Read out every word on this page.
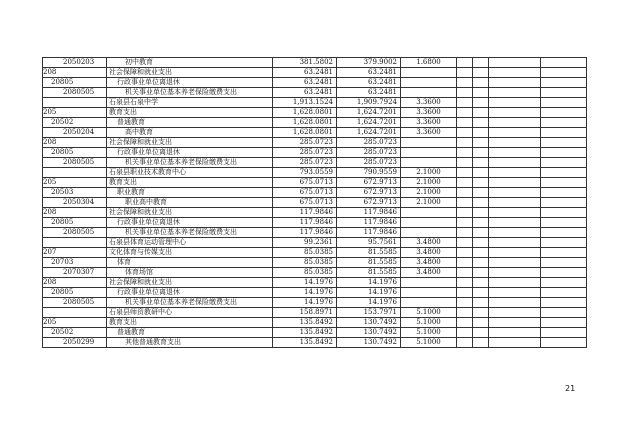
2050203	初中教育	381.5802	379.9002	1.6800				
208	社会保障和就业支出	63.2481	63.2481					
20805	行政事业单位离退休	63.2481	63.2481					
2080505	机关事业单位基本养老保险缴费支出	63.2481	63.2481					
	石泉县石泉中学	1,913.1524	1,909.7924	3.3600				
205	教育支出	1,628.0801	1,624.7201	3.3600				
20502	普通教育	1,628.0801	1,624.7201	3.3600				
2050204	高中教育	1,628.0801	1,624.7201	3.3600				
208	社会保障和就业支出	285.0723	285.0723					
20805	行政事业单位离退休	285.0723	285.0723					
2080505	机关事业单位基本养老保险缴费支出	285.0723	285.0723					
	石泉县职业技术教育中心	793.0559	790.9559	2.1000				
205	教育支出	675.0713	672.9713	2.1000				
20503	职业教育	675.0713	672.9713	2.1000				
2050304	职业高中教育	675.0713	672.9713	2.1000				
208	社会保障和就业支出	117.9846	117.9846					
20805	行政事业单位离退休	117.9846	117.9846					
2080505	机关事业单位基本养老保险缴费支出	117.9846	117.9846					
	石泉县体育运动管理中心	99.2361	95.7561	3.4800				
207	文化体育与传媒支出	85.0385	81.5585	3.4800				
20703	体育	85.0385	81.5585	3.4800				
2070307	体育场馆	85.0385	81.5585	3.4800				
208	社会保障和就业支出	14.1976	14.1976					
20805	行政事业单位离退休	14.1976	14.1976					
2080505	机关事业单位基本养老保险缴费支出	14.1976	14.1976					
	石泉县师资教研中心	158.8971	153.7971	5.1000				
205	教育支出	135.8492	130.7492	5.1000				
20502	普通教育	135.8492	130.7492	5.1000				
2050299	其他普通教育支出	135.8492	130.7492	5.1000				
21
